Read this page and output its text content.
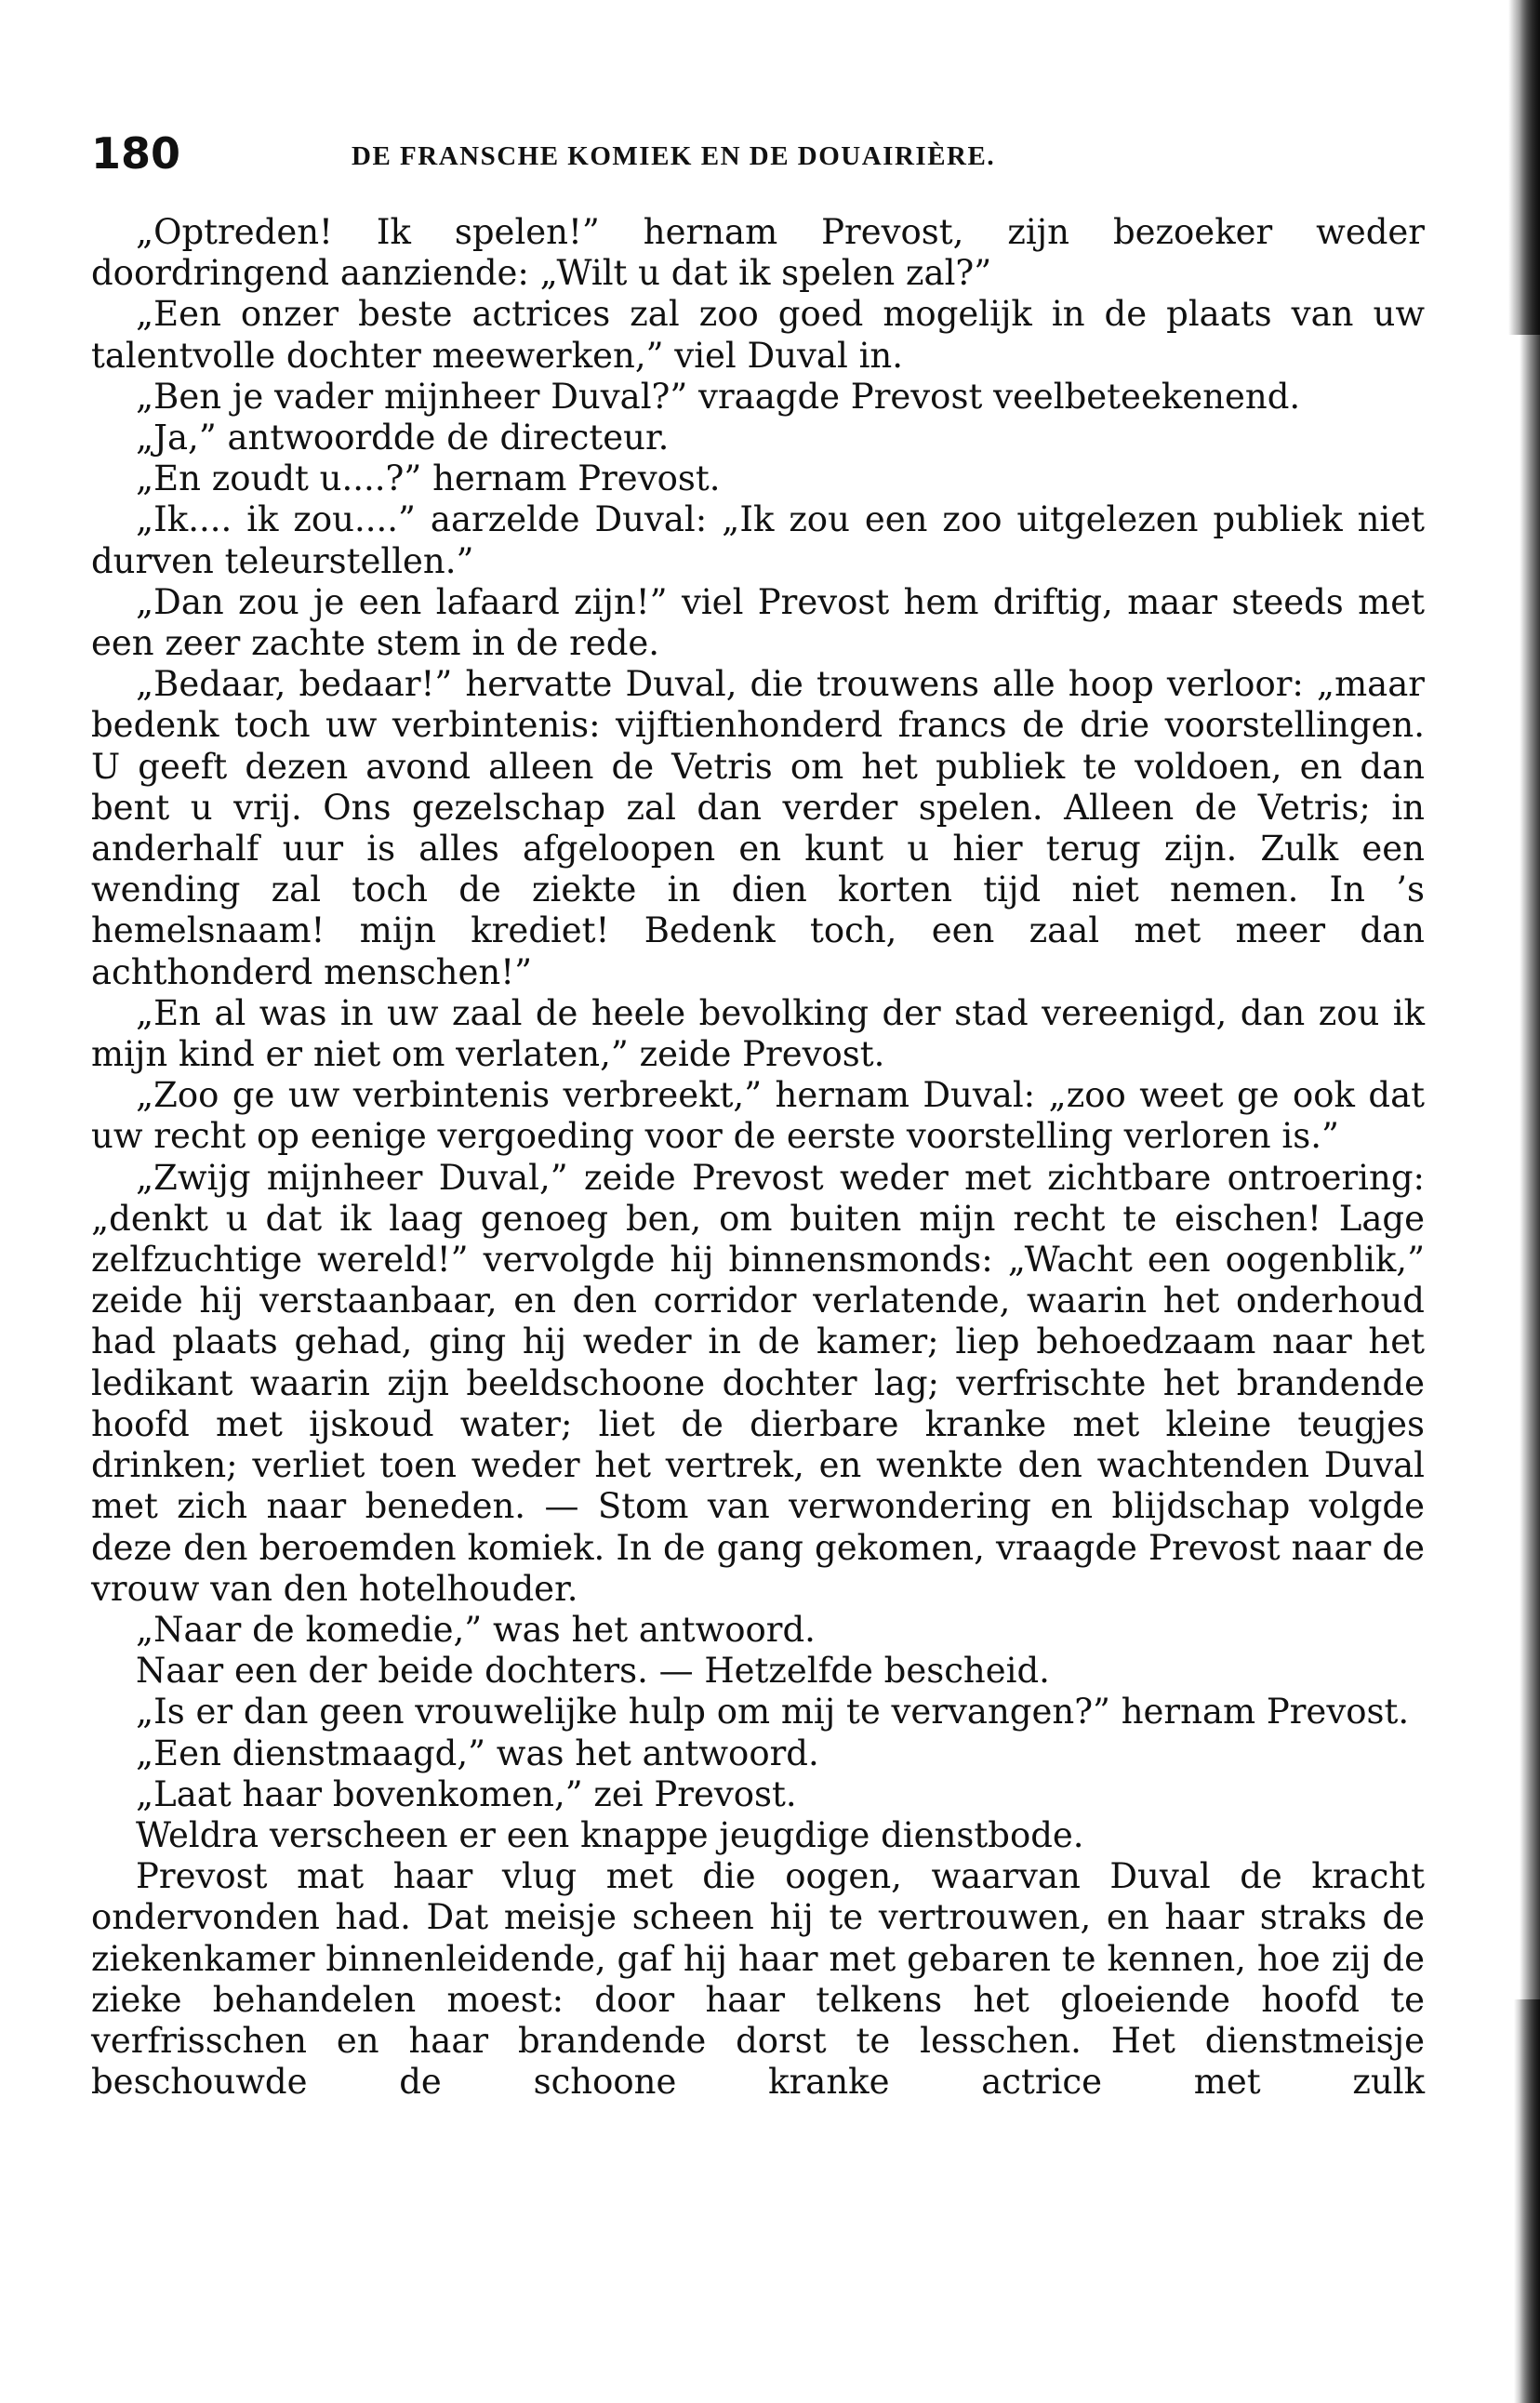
180	DE FRANSCHE KOMIEK EN DE DOUAIRIÈRE.

„Optreden! Ik spelen!” hernam Prevost, zijn bezoeker weder doordringend aanziende: „Wilt u dat ik spelen zal?”

„Een onzer beste actrices zal zoo goed mogelijk in de plaats van uw talentvolle dochter meewerken,” viel Duval in.

„Ben je vader mijnheer Duval?” vraagde Prevost veelbeteekenend.

„Ja,” antwoordde de directeur.

„En zoudt u....?” hernam Prevost.

„Ik.... ik zou....” aarzelde Duval: „Ik zou een zoo uitgelezen publiek niet durven teleurstellen.”

„Dan zou je een lafaard zijn!” viel Prevost hem driftig, maar steeds met een zeer zachte stem in de rede.

„Bedaar, bedaar!” hervatte Duval, die trouwens alle hoop verloor: „maar bedenk toch uw verbintenis: vijftienhonderd francs de drie voorstellingen. U geeft dezen avond alleen de Vetris om het publiek te voldoen, en dan bent u vrij. Ons gezelschap zal dan verder spelen. Alleen de Vetris; in anderhalf uur is alles afgeloopen en kunt u hier terug zijn. Zulk een wending zal toch de ziekte in dien korten tijd niet nemen. In ’s hemelsnaam! mijn krediet! Bedenk toch, een zaal met meer dan achthonderd menschen!”

„En al was in uw zaal de heele bevolking der stad vereenigd, dan zou ik mijn kind er niet om verlaten,” zeide Prevost.

„Zoo ge uw verbintenis verbreekt,” hernam Duval: „zoo weet ge ook dat uw recht op eenige vergoeding voor de eerste voorstelling verloren is.”

„Zwijg mijnheer Duval,” zeide Prevost weder met zichtbare ontroering: „denkt u dat ik laag genoeg ben, om buiten mijn recht te eischen! Lage zelfzuchtige wereld!” vervolgde hij binnensmonds: „Wacht een oogenblik,” zeide hij verstaanbaar, en den corridor verlatende, waarin het onderhoud had plaats gehad, ging hij weder in de kamer; liep behoedzaam naar het ledikant waarin zijn beeldschoone dochter lag; verfrischte het brandende hoofd met ijskoud water; liet de dierbare kranke met kleine teugjes drinken; verliet toen weder het vertrek, en wenkte den wachtenden Duval met zich naar beneden. — Stom van verwondering en blijdschap volgde deze den beroemden komiek. In de gang gekomen, vraagde Prevost naar de vrouw van den hotelhouder.

„Naar de komedie,” was het antwoord.

Naar een der beide dochters. — Hetzelfde bescheid.

„Is er dan geen vrouwelijke hulp om mij te vervangen?” hernam Prevost.

„Een dienstmaagd,” was het antwoord.

„Laat haar bovenkomen,” zei Prevost.

Weldra verscheen er een knappe jeugdige dienstbode.

Prevost mat haar vlug met die oogen, waarvan Duval de kracht ondervonden had. Dat meisje scheen hij te vertrouwen, en haar straks de ziekenkamer binnenleidende, gaf hij haar met gebaren te kennen, hoe zij de zieke behandelen moest: door haar telkens het gloeiende hoofd te verfrisschen en haar brandende dorst te lesschen. Het dienstmeisje beschouwde de schoone kranke actrice met zulk
